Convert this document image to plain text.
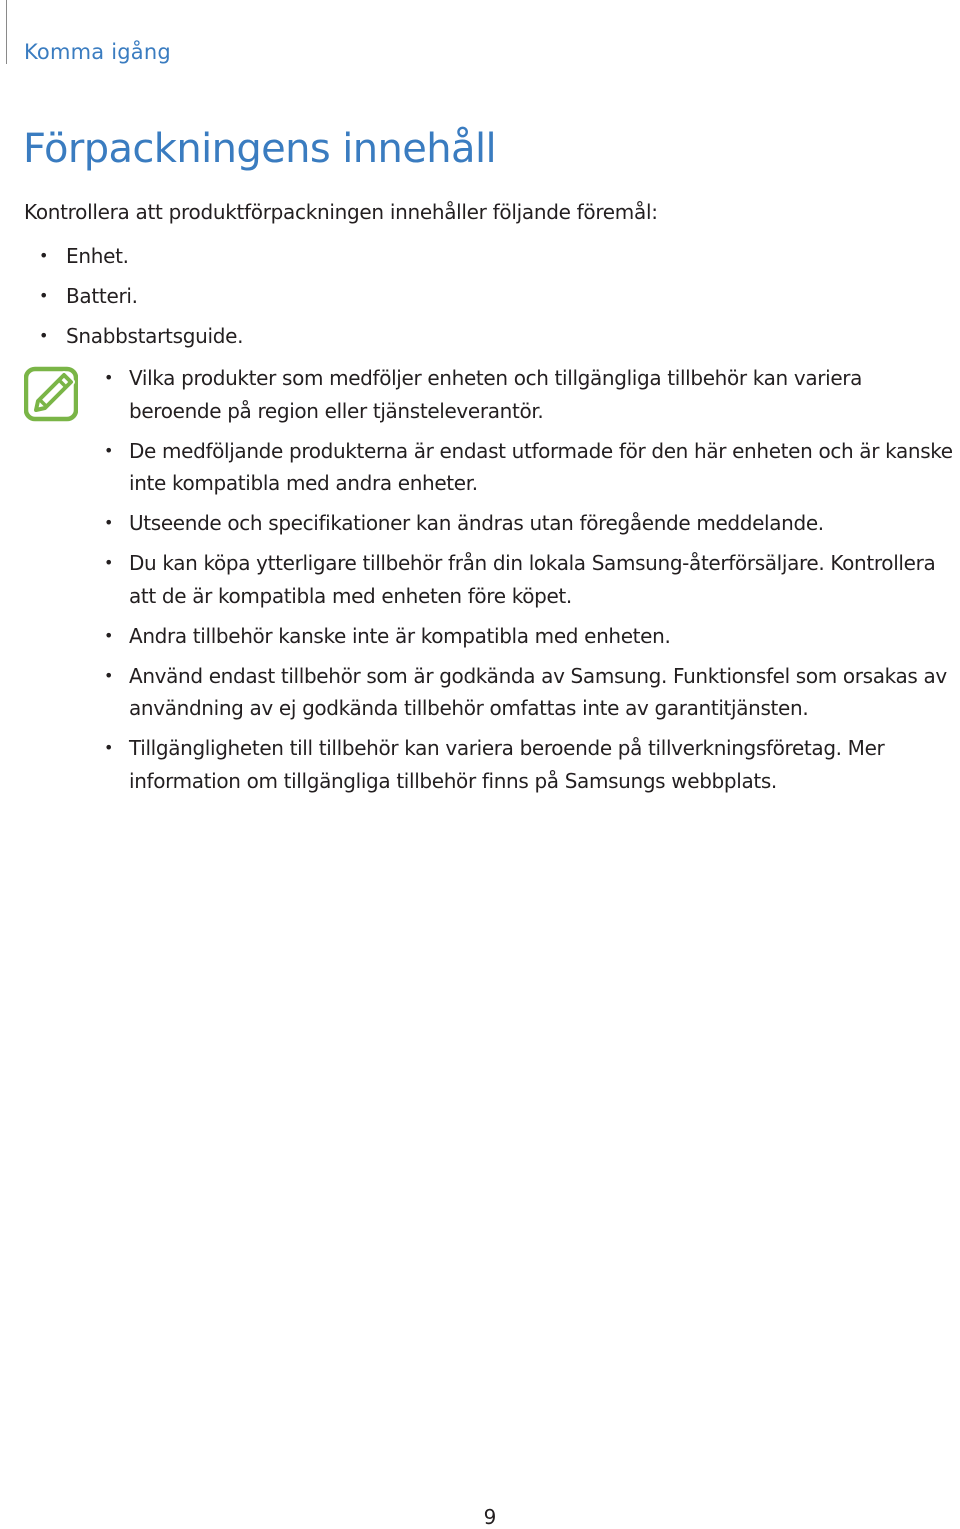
Komma igång
Förpackningens innehåll
Kontrollera att produktförpackningen innehåller följande föremål:
• Enhet.
• Batteri.
• Snabbstartsguide.
• Vilka produkter som medföljer enheten och tillgängliga tillbehör kan variera beroende på region eller tjänsteleverantör.
• De medföljande produkterna är endast utformade för den här enheten och är kanske inte kompatibla med andra enheter.
• Utseende och specifikationer kan ändras utan föregående meddelande.
• Du kan köpa ytterligare tillbehör från din lokala Samsung-återförsäljare. Kontrollera att de är kompatibla med enheten före köpet.
• Andra tillbehör kanske inte är kompatibla med enheten.
• Använd endast tillbehör som är godkända av Samsung. Funktionsfel som orsakas av användning av ej godkända tillbehör omfattas inte av garantitjänsten.
• Tillgängligheten till tillbehör kan variera beroende på tillverkningsföretag. Mer information om tillgängliga tillbehör finns på Samsungs webbplats.
9
